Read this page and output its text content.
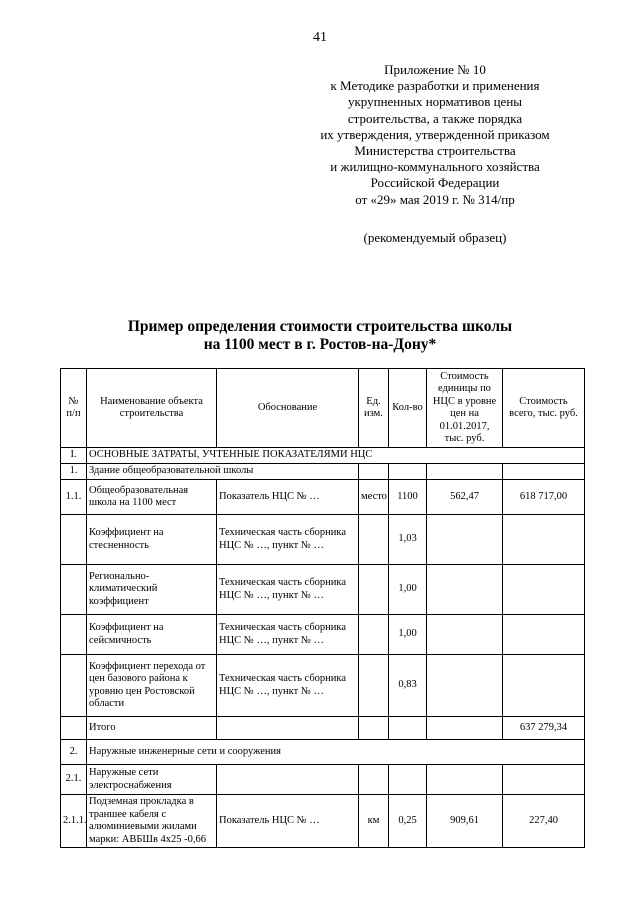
41
Приложение № 10
к Методике разработки и применения
укрупненных нормативов цены
строительства, а также порядка
их утверждения, утвержденной приказом
Министерства строительства
и жилищно-коммунального хозяйства
Российской Федерации
от «29» мая 2019 г. № 314/пр
(рекомендуемый образец)
Пример определения стоимости строительства школы
на 1100 мест в г. Ростов-на-Дону*
№ п/п	Наименование объекта строительства	Обоснование	Ед. изм.	Кол-во	Стоимость единицы по НЦС в уровне цен на 01.01.2017, тыс. руб.	Стоимость всего, тыс. руб.
I.	ОСНОВНЫЕ ЗАТРАТЫ, УЧТЕННЫЕ ПОКАЗАТЕЛЯМИ НЦС					
1.	Здание общеобразовательной школы					
1.1.	Общеобразовательная школа на 1100 мест	Показатель НЦС № …	место	1100	562,47	618 717,00
	Коэффициент на стесненность	Техническая часть сборника НЦС № …, пункт № …		1,03		
	Регионально-климатический коэффициент	Техническая часть сборника НЦС № …, пункт № …		1,00		
	Коэффициент на сейсмичность	Техническая часть сборника НЦС № …, пункт № …		1,00		
	Коэффициент перехода от цен базового района к уровню цен Ростовской области	Техническая часть сборника НЦС № …, пункт № …		0,83		
	Итого					637 279,34
2.	Наружные инженерные сети и сооружения					
2.1.	Наружные сети электроснабжения					
2.1.1.	Подземная прокладка в траншее кабеля с алюминиевыми жилами марки: АВБШв 4х25 -0,66	Показатель НЦС № …	км	0,25	909,61	227,40
